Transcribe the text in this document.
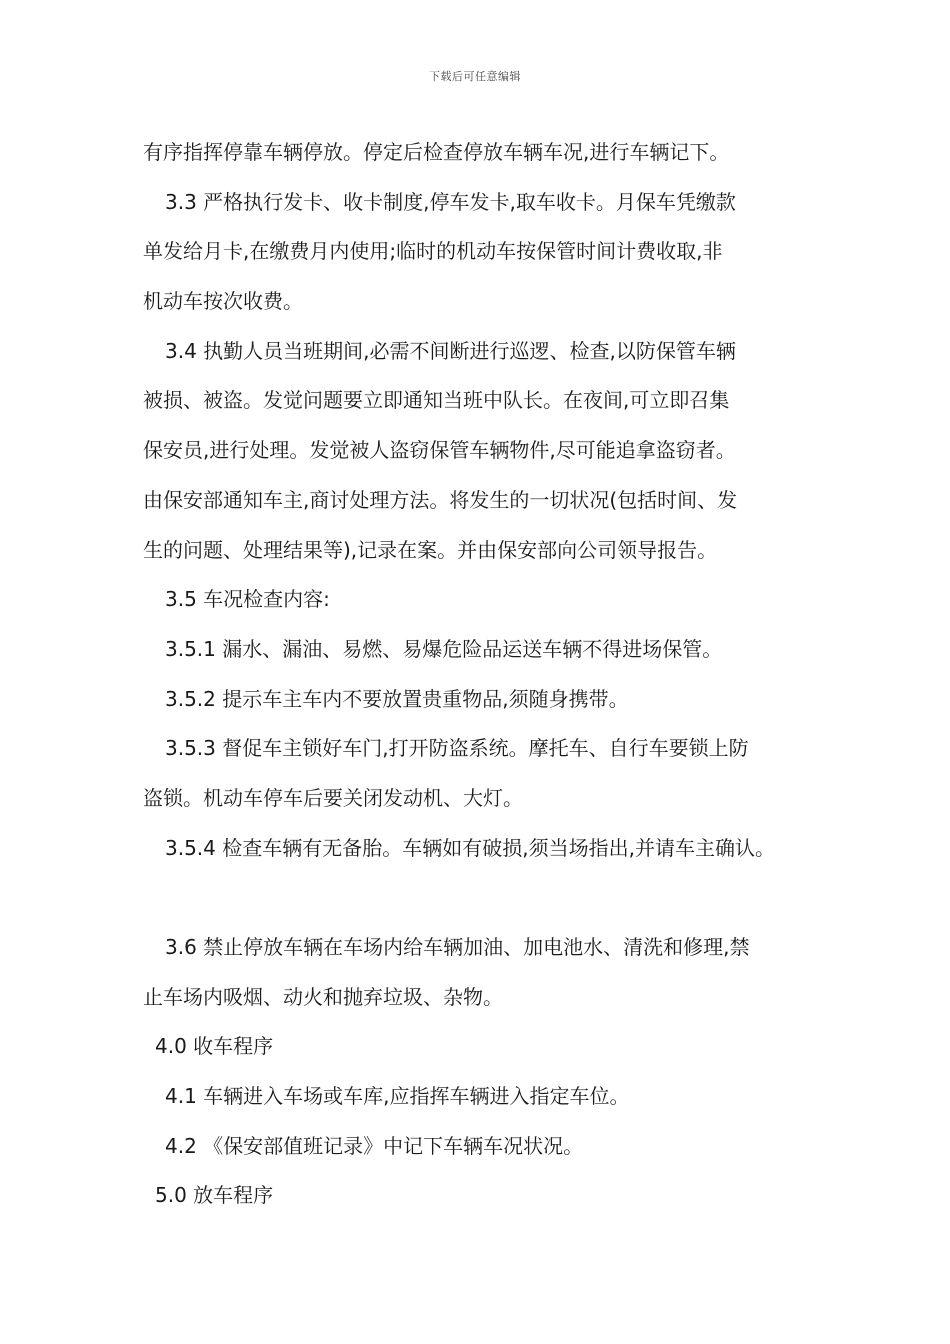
下载后可任意编辑
有序指挥停靠车辆停放。停定后检查停放车辆车况,进行车辆记下。
3.3 严格执行发卡、收卡制度,停车发卡,取车收卡。月保车凭缴款
单发给月卡,在缴费月内使用;临时的机动车按保管时间计费收取,非
机动车按次收费。
3.4 执勤人员当班期间,必需不间断进行巡逻、检查,以防保管车辆
被损、被盗。发觉问题要立即通知当班中队长。在夜间,可立即召集
保安员,进行处理。发觉被人盗窃保管车辆物件,尽可能追拿盗窃者。
由保安部通知车主,商讨处理方法。将发生的一切状况(包括时间、发
生的问题、处理结果等),记录在案。并由保安部向公司领导报告。
3.5 车况检查内容:
3.5.1 漏水、漏油、易燃、易爆危险品运送车辆不得进场保管。
3.5.2 提示车主车内不要放置贵重物品,须随身携带。
3.5.3 督促车主锁好车门,打开防盗系统。摩托车、自行车要锁上防
盗锁。机动车停车后要关闭发动机、大灯。
3.5.4 检查车辆有无备胎。车辆如有破损,须当场指出,并请车主确认。
3.6 禁止停放车辆在车场内给车辆加油、加电池水、清洗和修理,禁
止车场内吸烟、动火和抛弃垃圾、杂物。
4.0 收车程序
4.1 车辆进入车场或车库,应指挥车辆进入指定车位。
4.2 《保安部值班记录》中记下车辆车况状况。
5.0 放车程序
